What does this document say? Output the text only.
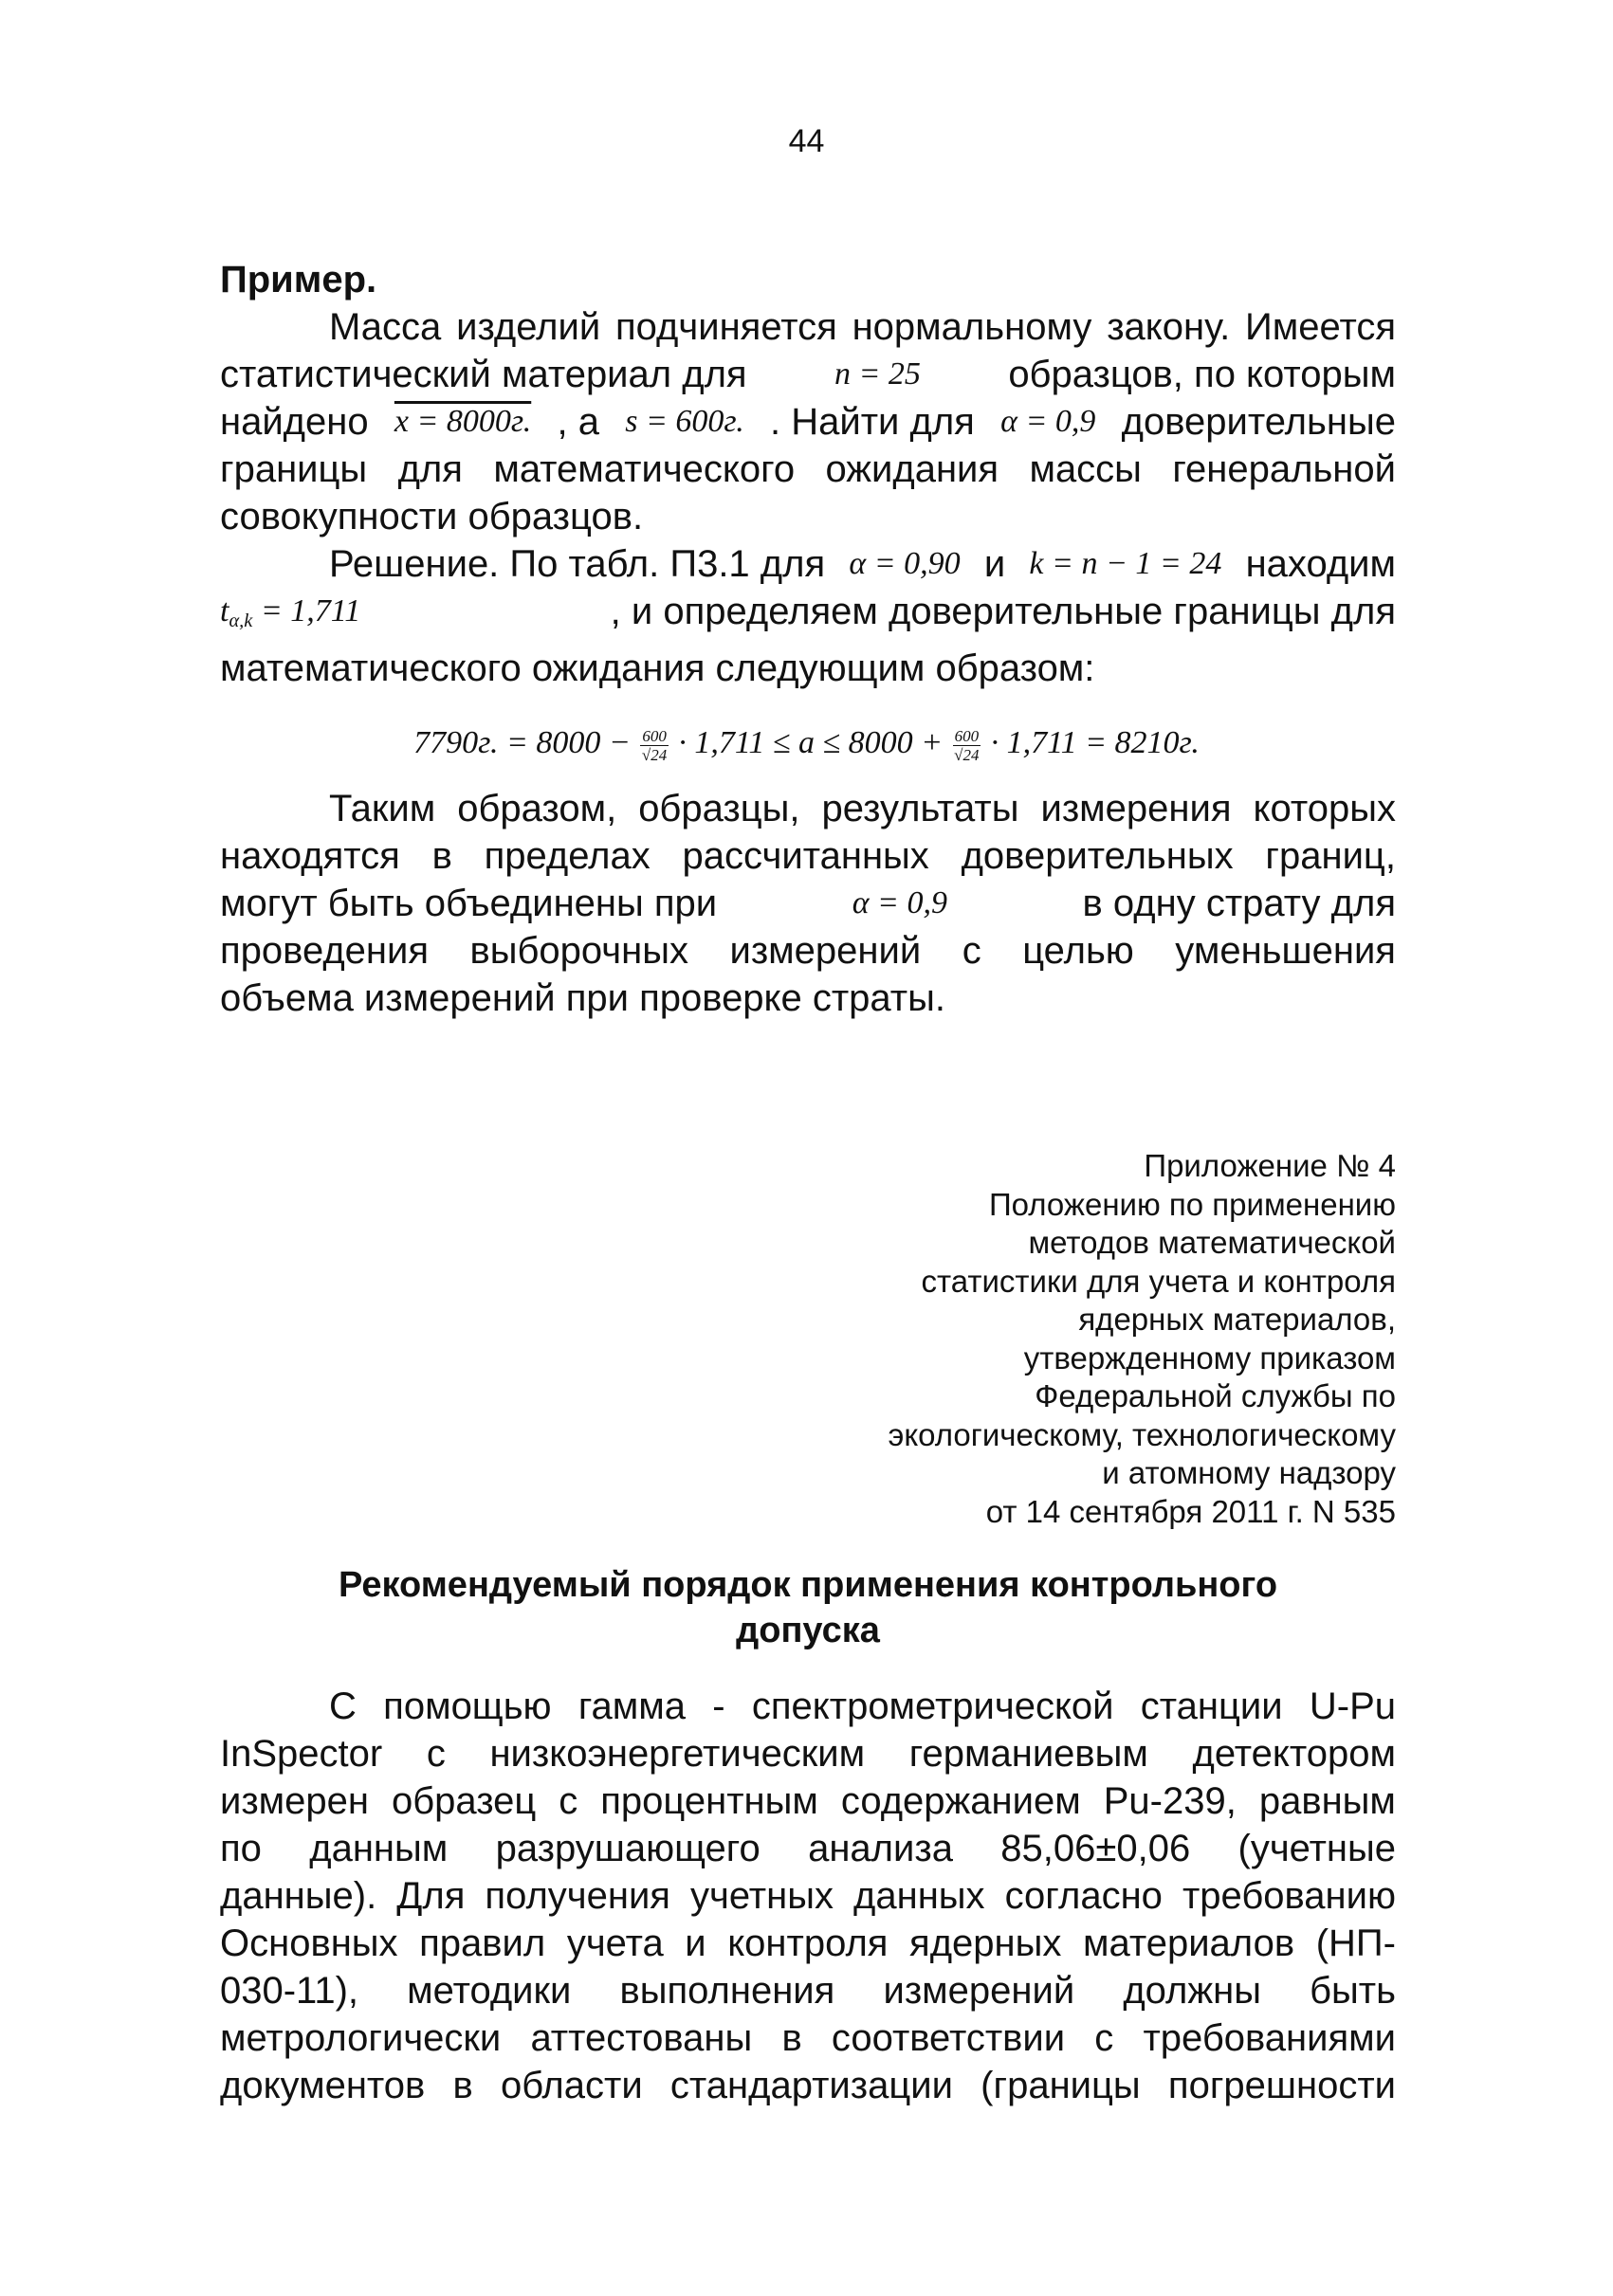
44
Пример.
Масса изделий подчиняется нормальному закону. Имеется
статистический материал для	n = 25 образцов, по которым
найдено x = 8000г. , а s = 600г. . Найти для α = 0,9 доверительные
границы для математического ожидания массы генеральной
совокупности образцов.
Решение. По табл. П3.1 для α = 0,90 и k = n − 1 = 24 находим
$t_{\alpha,k} = 1,711$	, и определяем доверительные границы для
математического ожидания следующим образом:
7790г. = $8000 - \frac{600}{√24} \cdot 1,711 \le a \le 8000 + \frac{600}{√24} \cdot 1,711 = 8210г$.
Таким образом, образцы, результаты измерения которых
находятся в пределах рассчитанных доверительных границ,
могут быть объединены при	α = 0,9	в одну страту для
проведения выборочных измерений с целью уменьшения
объема измерений при проверке страты.
Приложение № 4
Положению по применению
методов математической
статистики для учета и контроля
ядерных материалов,
утвержденному приказом
Федеральной службы по
экологическому, технологическому
и атомному надзору
от 14 сентября 2011 г. N 535
Рекомендуемый порядок применения контрольного
допуска
С помощью гамма - спектрометрической станции U-Pu
InSpector с низкоэнергетическим германиевым детектором
измерен образец с процентным содержанием Pu-239, равным
по данным разрушающего анализа 85,06±0,06 (учетные
данные). Для получения учетных данных согласно требованию
Основных правил учета и контроля ядерных материалов (НП-
030-11), методики выполнения измерений должны быть
метрологически аттестованы в соответствии с требованиями
документов в области стандартизации (границы погрешности
